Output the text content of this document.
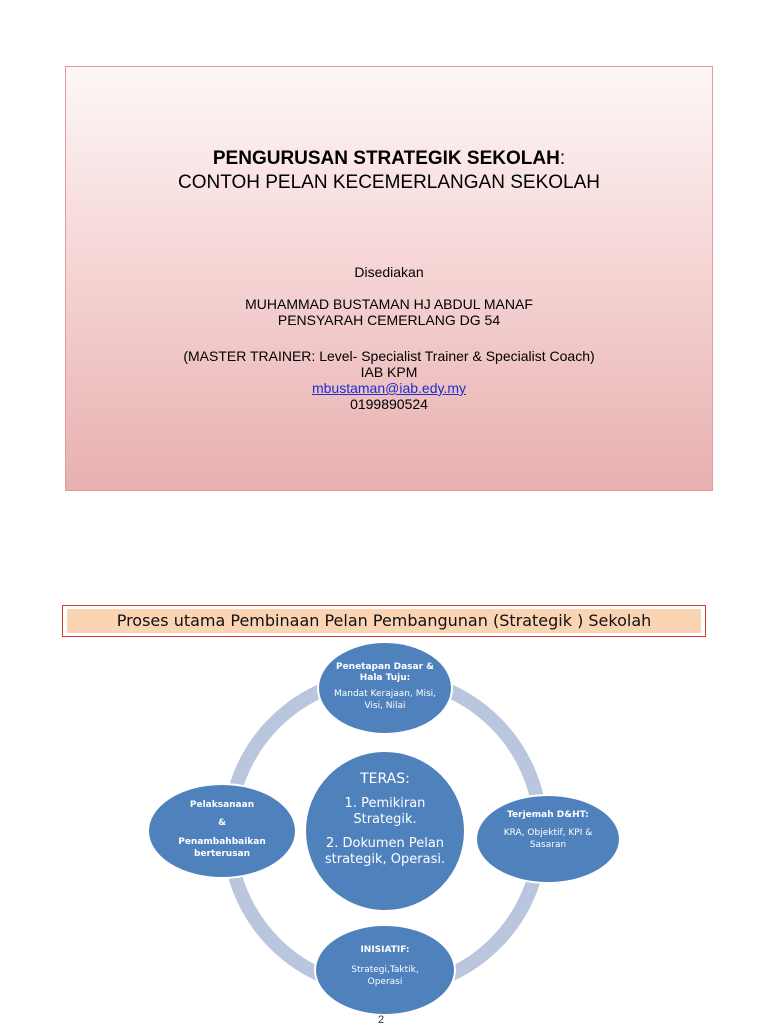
PENGURUSAN STRATEGIK SEKOLAH:
CONTOH PELAN KECEMERLANGAN SEKOLAH
Disediakan
MUHAMMAD BUSTAMAN HJ ABDUL MANAF
PENSYARAH CEMERLANG DG 54
(MASTER TRAINER: Level- Specialist Trainer & Specialist Coach)
IAB KPM
mbustaman@iab.edy.my
0199890524
Proses utama Pembinaan Pelan Pembangunan (Strategik ) Sekolah
Penetapan Dasar & Hala Tuju:
Mandat Kerajaan, Misi, Visi, Nilai
Terjemah D&HT:
KRA, Objektif, KPI & Sasaran
INISIATIF:
Strategi,Taktik, Operasi
Pelaksanaan
&
Penambahbaikan berterusan
TERAS:
1. Pemikiran Strategik.
2. Dokumen Pelan strategik, Operasi.
2
